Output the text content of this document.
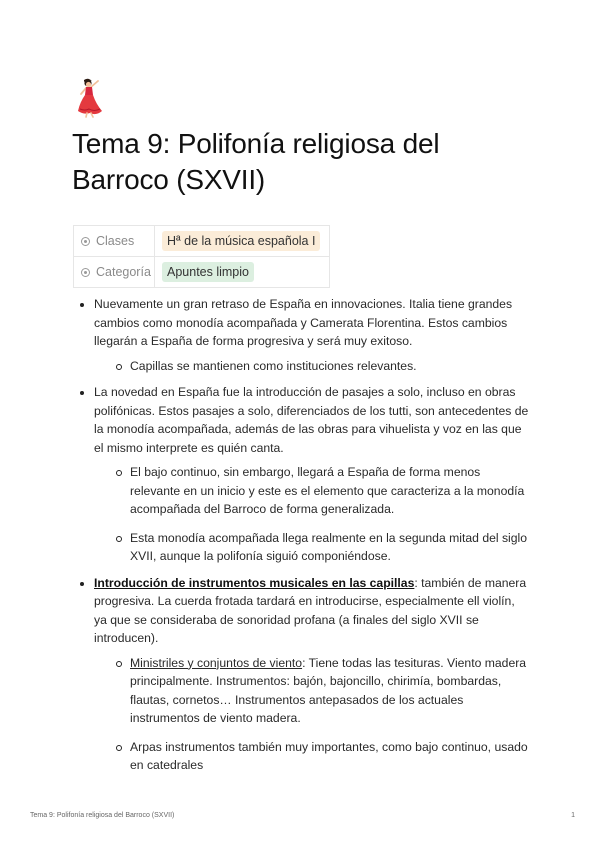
Tema 9: Polifonía religiosa del Barroco (SXVII)
Clases	Hª de la música española I

Categoría	Apuntes limpio
Nuevamente un gran retraso de España en innovaciones. Italia tiene grandes cambios como monodía acompañada y Camerata Florentina. Estos cambios llegarán a España de forma progresiva y será muy exitoso.
Capillas se mantienen como instituciones relevantes.
La novedad en España fue la introducción de pasajes a solo, incluso en obras polifónicas. Estos pasajes a solo, diferenciados de los tutti, son antecedentes de la monodía acompañada, además de las obras para vihuelista y voz en las que el mismo interprete es quién canta.
El bajo continuo, sin embargo, llegará a España de forma menos relevante en un inicio y este es el elemento que caracteriza a la monodía acompañada del Barroco de forma generalizada.
Esta monodía acompañada llega realmente en la segunda mitad del siglo XVII, aunque la polifonía siguió componiéndose.
Introducción de instrumentos musicales en las capillas: también de manera progresiva. La cuerda frotada tardará en introducirse, especialmente ell violín, ya que se consideraba de sonoridad profana (a finales del siglo XVII se introducen).
Ministriles y conjuntos de viento: Tiene todas las tesituras. Viento madera principalmente. Instrumentos: bajón, bajoncillo, chirimía, bombardas, flautas, cornetos… Instrumentos antepasados de los actuales instrumentos de viento madera.
Arpas instrumentos también muy importantes, como bajo continuo, usado en catedrales
Tema 9: Polifonía religiosa del Barroco (SXVII)	1
